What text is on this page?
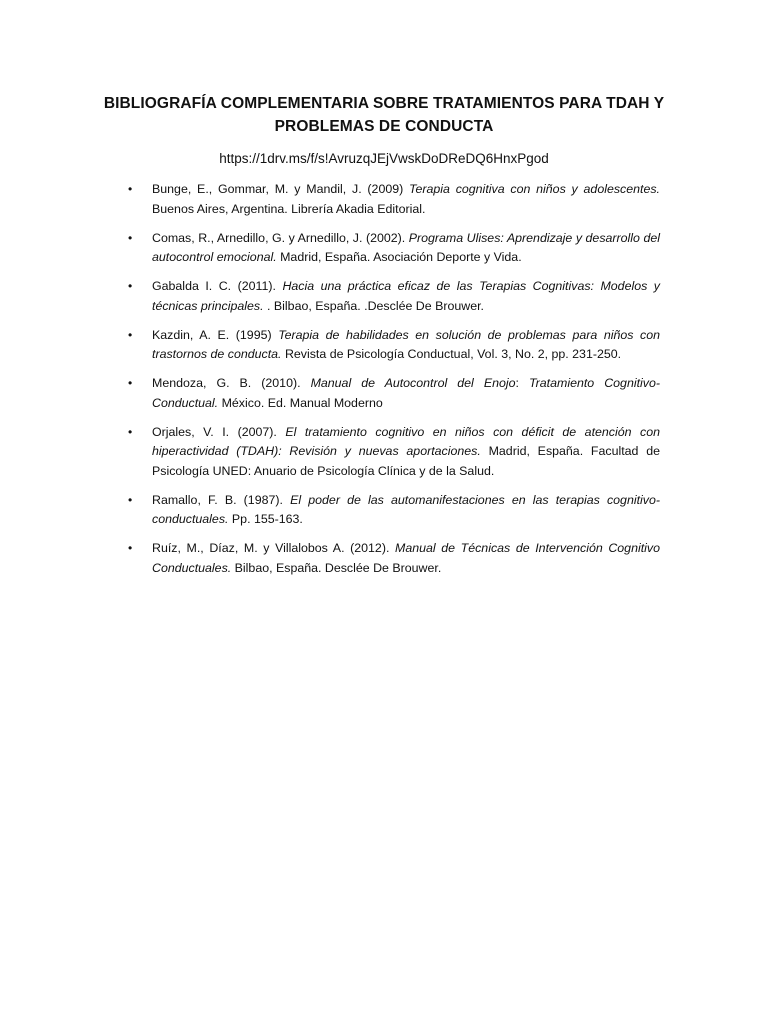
BIBLIOGRAFÍA COMPLEMENTARIA SOBRE TRATAMIENTOS PARA TDAH Y
PROBLEMAS DE CONDUCTA
https://1drv.ms/f/s!AvruzqJEjVwskDoDReDQ6HnxPgod
• Bunge, E., Gommar, M. y Mandil, J. (2009) Terapia cognitiva con niños y adolescentes. Buenos Aires, Argentina. Librería Akadia Editorial.
• Comas, R., Arnedillo, G. y Arnedillo, J. (2002). Programa Ulises: Aprendizaje y desarrollo del autocontrol emocional. Madrid, España. Asociación Deporte y Vida.
• Gabalda I. C. (2011). Hacia una práctica eficaz de las Terapias Cognitivas: Modelos y técnicas principales. . Bilbao, España. .Desclée De Brouwer.
• Kazdin, A. E. (1995) Terapia de habilidades en solución de problemas para niños con trastornos de conducta. Revista de Psicología Conductual, Vol. 3, No. 2, pp. 231-250.
• Mendoza, G. B. (2010). Manual de Autocontrol del Enojo: Tratamiento Cognitivo-Conductual. México. Ed. Manual Moderno
• Orjales, V. I. (2007). El tratamiento cognitivo en niños con déficit de atención con hiperactividad (TDAH): Revisión y nuevas aportaciones. Madrid, España. Facultad de Psicología UNED: Anuario de Psicología Clínica y de la Salud.
• Ramallo, F. B. (1987). El poder de las automanifestaciones en las terapias cognitivo-conductuales. Pp. 155-163.
• Ruíz, M., Díaz, M. y Villalobos A. (2012). Manual de Técnicas de Intervención Cognitivo Conductuales. Bilbao, España. Desclée De Brouwer.
